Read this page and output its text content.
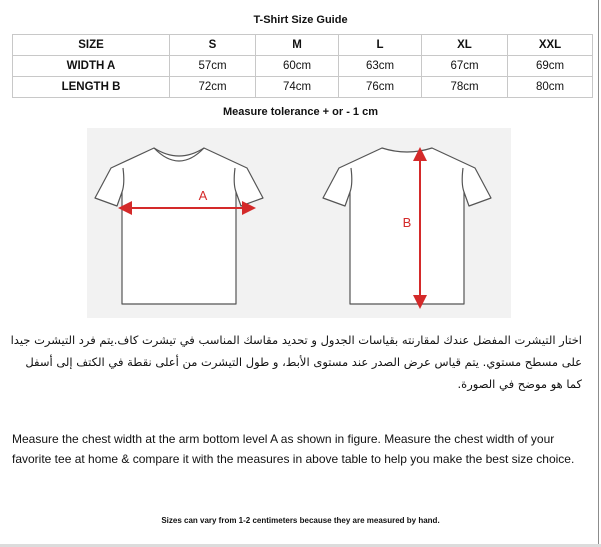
T-Shirt Size Guide
SIZE	S	M	L	XL	XXL
WIDTH A	57cm	60cm	63cm	67cm	69cm
LENGTH B	72cm	74cm	76cm	78cm	80cm
Measure tolerance + or - 1 cm
A
B
اختار التيشرت المفضل عندك لمقارنته بقياسات الجدول و تحديد مقاسك المناسب في تيشرت كاف.يتم فرد التيشرت جيدا على مسطح مستوي. يتم قياس عرض الصدر عند مستوى الأبط، و طول التيشرت من أعلى نقطة في الكتف إلى أسفل كما هو موضح في الصورة.
Measure the chest width at the arm bottom level A as shown in figure. Measure the chest width of your favorite tee at home & compare it with the measures in above table to help you make the best size choice.
Sizes can vary from 1-2 centimeters because they are measured by hand.
